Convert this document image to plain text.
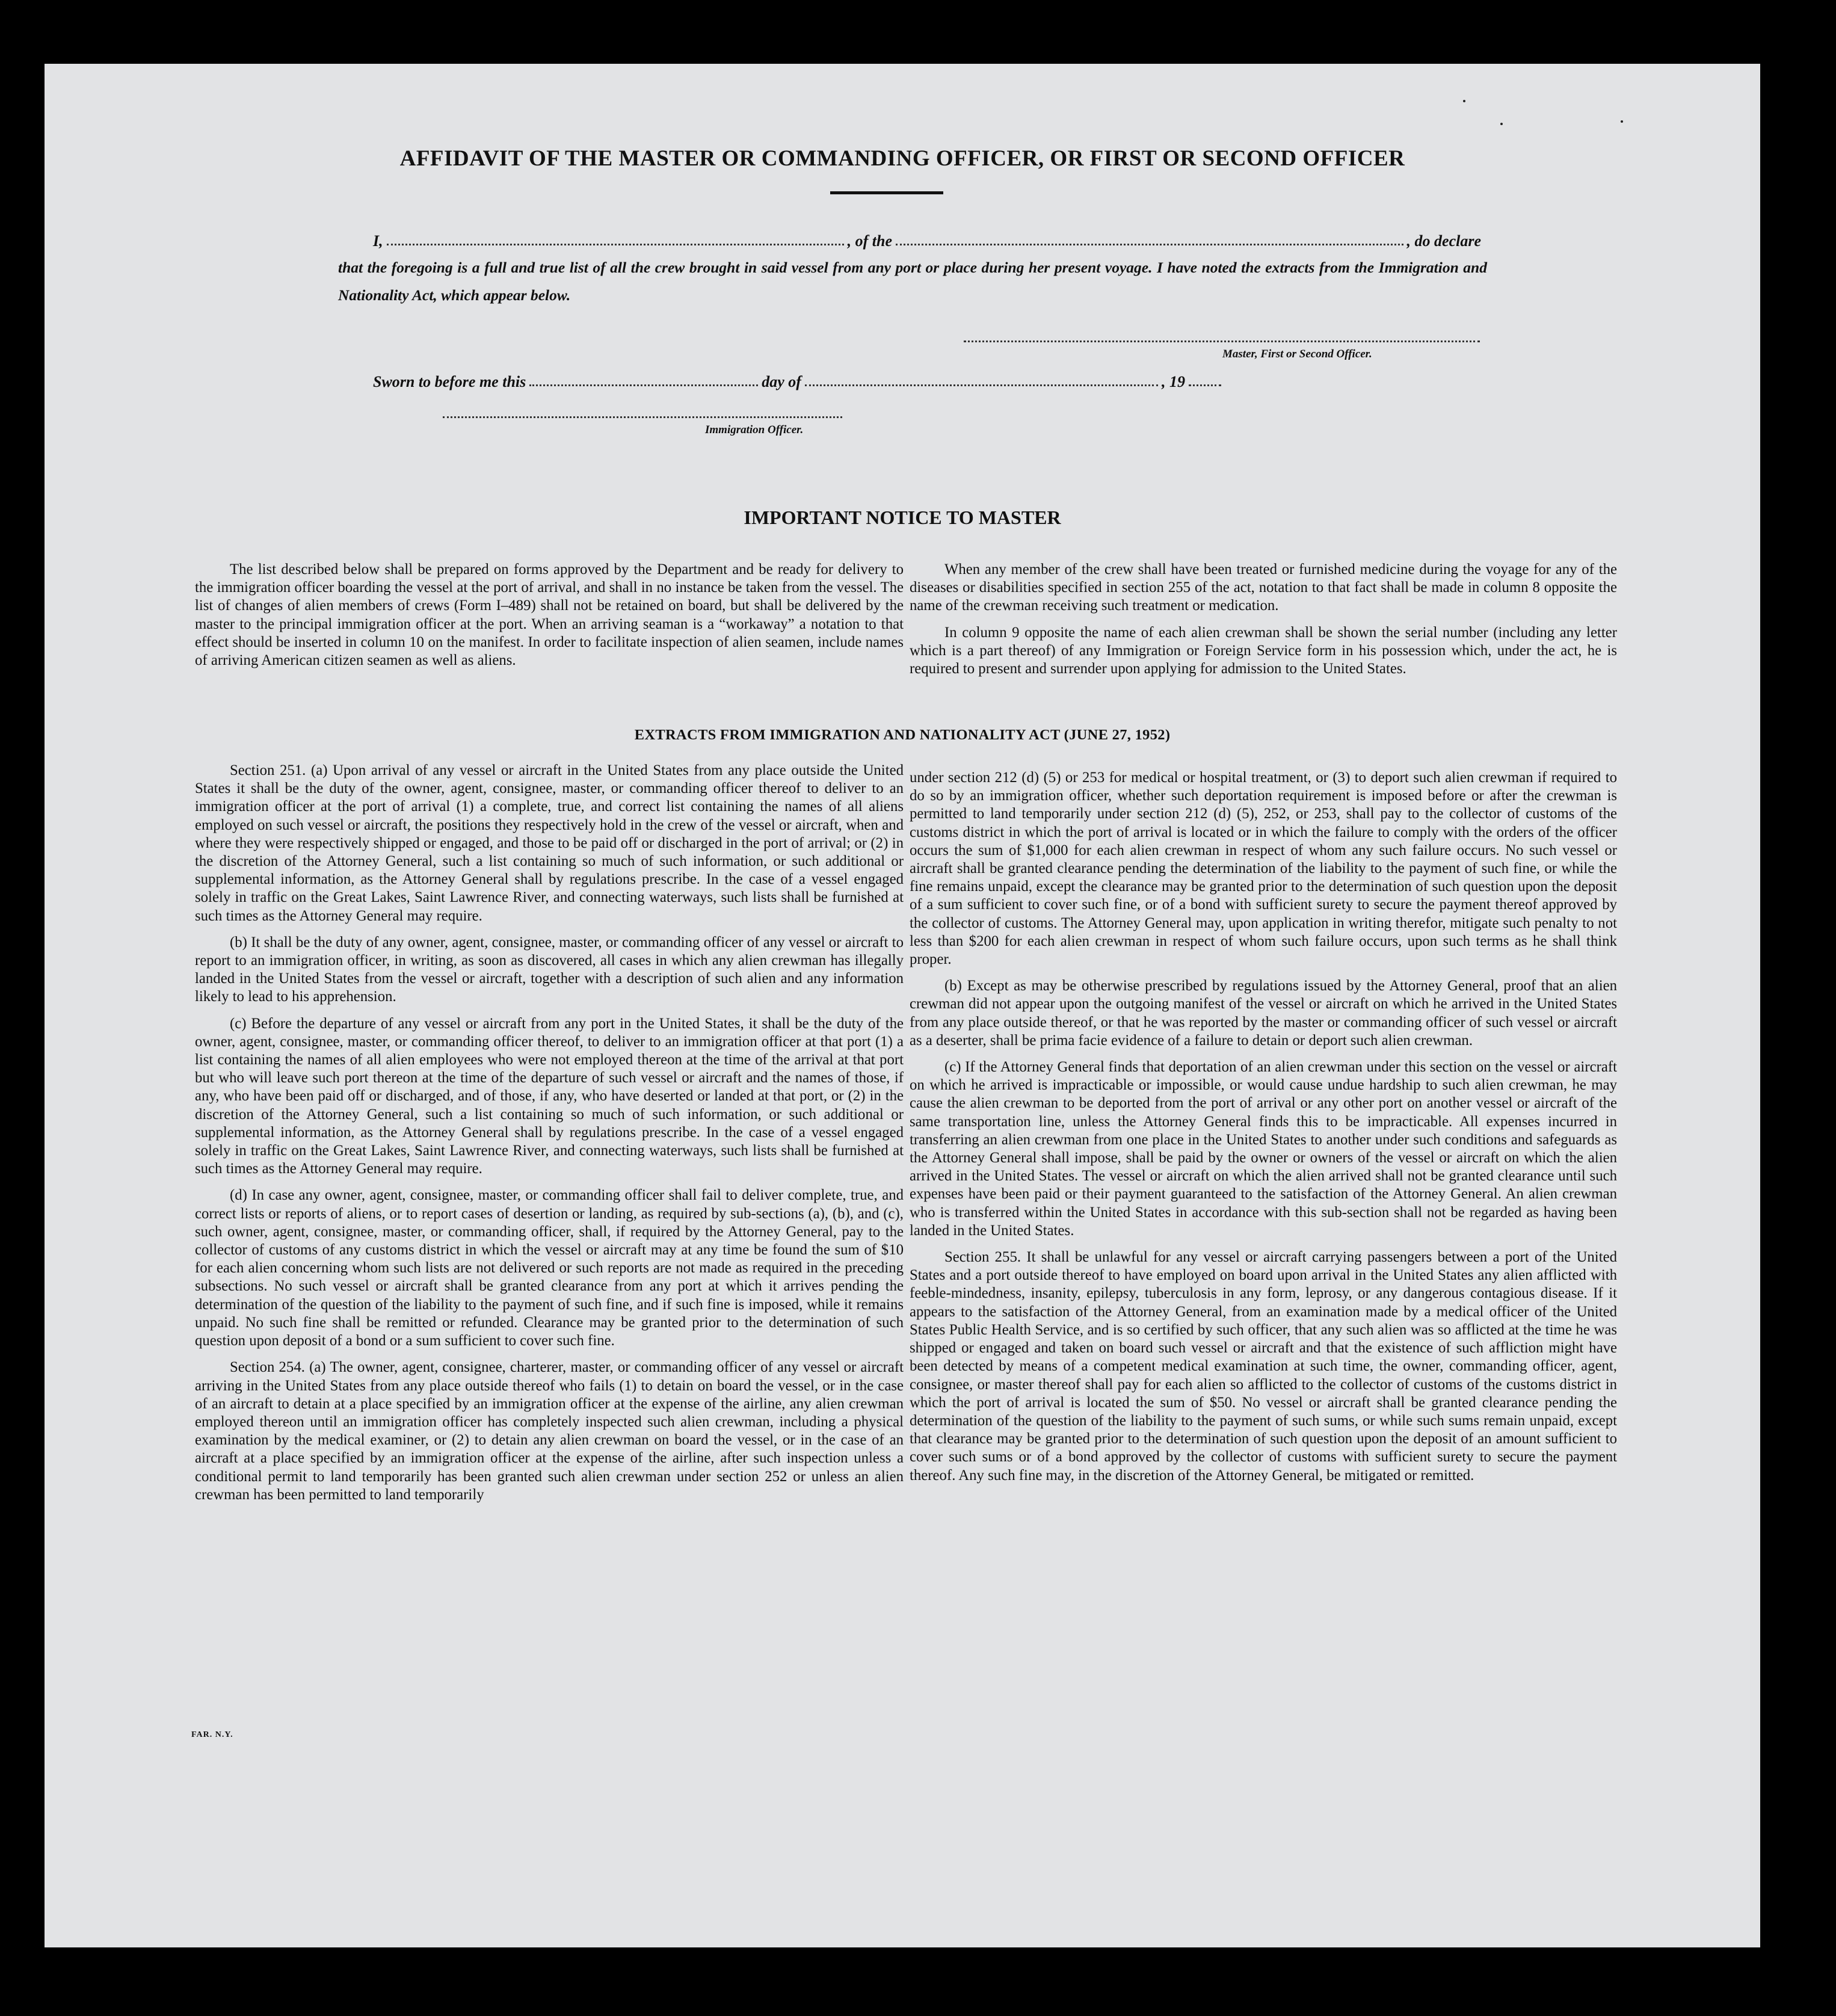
AFFIDAVIT OF THE MASTER OR COMMANDING OFFICER, OR FIRST OR SECOND OFFICER
I,	, of the	, do declare
that the foregoing is a full and true list of all the crew brought in said vessel from any port or place during her present voyage. I have noted the extracts from the Immigration and Nationality Act, which appear below.
Master, First or Second Officer.
Sworn to before me this	day of	, 19
Immigration Officer.
IMPORTANT NOTICE TO MASTER

The list described below shall be prepared on forms approved by the Department and be ready for delivery to the immigration officer boarding the vessel at the port of arrival, and shall in no instance be taken from the vessel. The list of changes of alien members of crews (Form I–489) shall not be retained on board, but shall be delivered by the master to the principal immigration officer at the port. When an arriving seaman is a “workaway” a notation to that effect should be inserted in column 10 on the manifest. In order to facilitate inspection of alien seamen, include names of arriving American citizen seamen as well as aliens.

When any member of the crew shall have been treated or furnished medicine during the voyage for any of the diseases or disabilities specified in section 255 of the act, notation to that fact shall be made in column 8 opposite the name of the crewman receiving such treatment or medication.

In column 9 opposite the name of each alien crewman shall be shown the serial number (including any letter which is a part thereof) of any Immigration or Foreign Service form in his possession which, under the act, he is required to present and surrender upon applying for admission to the United States.

EXTRACTS FROM IMMIGRATION AND NATIONALITY ACT (JUNE 27, 1952)

Section 251. (a) Upon arrival of any vessel or aircraft in the United States from any place outside the United States it shall be the duty of the owner, agent, consignee, master, or commanding officer thereof to deliver to an immigration officer at the port of arrival (1) a complete, true, and correct list containing the names of all aliens employed on such vessel or aircraft, the positions they respectively hold in the crew of the vessel or aircraft, when and where they were respectively shipped or engaged, and those to be paid off or discharged in the port of arrival; or (2) in the discretion of the Attorney General, such a list containing so much of such information, or such additional or supplemental information, as the Attorney General shall by regulations prescribe. In the case of a vessel engaged solely in traffic on the Great Lakes, Saint Lawrence River, and connecting waterways, such lists shall be furnished at such times as the Attorney General may require.

(b) It shall be the duty of any owner, agent, consignee, master, or commanding officer of any vessel or aircraft to report to an immigration officer, in writing, as soon as discovered, all cases in which any alien crewman has illegally landed in the United States from the vessel or aircraft, together with a description of such alien and any information likely to lead to his apprehension.

(c) Before the departure of any vessel or aircraft from any port in the United States, it shall be the duty of the owner, agent, consignee, master, or commanding officer thereof, to deliver to an immigration officer at that port (1) a list containing the names of all alien employees who were not employed thereon at the time of the arrival at that port but who will leave such port thereon at the time of the departure of such vessel or aircraft and the names of those, if any, who have been paid off or discharged, and of those, if any, who have deserted or landed at that port, or (2) in the discretion of the Attorney General, such a list containing so much of such information, or such additional or supplemental information, as the Attorney General shall by regulations prescribe. In the case of a vessel engaged solely in traffic on the Great Lakes, Saint Lawrence River, and connecting waterways, such lists shall be furnished at such times as the Attorney General may require.

(d) In case any owner, agent, consignee, master, or commanding officer shall fail to deliver complete, true, and correct lists or reports of aliens, or to report cases of desertion or landing, as required by sub-sections (a), (b), and (c), such owner, agent, consignee, master, or commanding officer, shall, if required by the Attorney General, pay to the collector of customs of any customs district in which the vessel or aircraft may at any time be found the sum of $10 for each alien concerning whom such lists are not delivered or such reports are not made as required in the preceding subsections. No such vessel or aircraft shall be granted clearance from any port at which it arrives pending the determination of the question of the liability to the payment of such fine, and if such fine is imposed, while it remains unpaid. No such fine shall be remitted or refunded. Clearance may be granted prior to the determination of such question upon deposit of a bond or a sum sufficient to cover such fine.

Section 254. (a) The owner, agent, consignee, charterer, master, or commanding officer of any vessel or aircraft arriving in the United States from any place outside thereof who fails (1) to detain on board the vessel, or in the case of an aircraft to detain at a place specified by an immigration officer at the expense of the airline, any alien crewman employed thereon until an immigration officer has completely inspected such alien crewman, including a physical examination by the medical examiner, or (2) to detain any alien crewman on board the vessel, or in the case of an aircraft at a place specified by an immigration officer at the expense of the airline, after such inspection unless a conditional permit to land temporarily has been granted such alien crewman under section 252 or unless an alien crewman has been permitted to land temporarily

under section 212 (d) (5) or 253 for medical or hospital treatment, or (3) to deport such alien crewman if required to do so by an immigration officer, whether such deportation requirement is imposed before or after the crewman is permitted to land temporarily under section 212 (d) (5), 252, or 253, shall pay to the collector of customs of the customs district in which the port of arrival is located or in which the failure to comply with the orders of the officer occurs the sum of $1,000 for each alien crewman in respect of whom any such failure occurs. No such vessel or aircraft shall be granted clearance pending the determination of the liability to the payment of such fine, or while the fine remains unpaid, except the clearance may be granted prior to the determination of such question upon the deposit of a sum sufficient to cover such fine, or of a bond with sufficient surety to secure the payment thereof approved by the collector of customs. The Attorney General may, upon application in writing therefor, mitigate such penalty to not less than $200 for each alien crewman in respect of whom such failure occurs, upon such terms as he shall think proper.

(b) Except as may be otherwise prescribed by regulations issued by the Attorney General, proof that an alien crewman did not appear upon the outgoing manifest of the vessel or aircraft on which he arrived in the United States from any place outside thereof, or that he was reported by the master or commanding officer of such vessel or aircraft as a deserter, shall be prima facie evidence of a failure to detain or deport such alien crewman.

(c) If the Attorney General finds that deportation of an alien crewman under this section on the vessel or aircraft on which he arrived is impracticable or impossible, or would cause undue hardship to such alien crewman, he may cause the alien crewman to be deported from the port of arrival or any other port on another vessel or aircraft of the same transportation line, unless the Attorney General finds this to be impracticable. All expenses incurred in transferring an alien crewman from one place in the United States to another under such conditions and safeguards as the Attorney General shall impose, shall be paid by the owner or owners of the vessel or aircraft on which the alien arrived in the United States. The vessel or aircraft on which the alien arrived shall not be granted clearance until such expenses have been paid or their payment guaranteed to the satisfaction of the Attorney General. An alien crewman who is transferred within the United States in accordance with this sub-section shall not be regarded as having been landed in the United States.

Section 255. It shall be unlawful for any vessel or aircraft carrying passengers between a port of the United States and a port outside thereof to have employed on board upon arrival in the United States any alien afflicted with feeble-mindedness, insanity, epilepsy, tuberculosis in any form, leprosy, or any dangerous contagious disease. If it appears to the satisfaction of the Attorney General, from an examination made by a medical officer of the United States Public Health Service, and is so certified by such officer, that any such alien was so afflicted at the time he was shipped or engaged and taken on board such vessel or aircraft and that the existence of such affliction might have been detected by means of a competent medical examination at such time, the owner, commanding officer, agent, consignee, or master thereof shall pay for each alien so afflicted to the collector of customs of the customs district in which the port of arrival is located the sum of $50. No vessel or aircraft shall be granted clearance pending the determination of the question of the liability to the payment of such sums, or while such sums remain unpaid, except that clearance may be granted prior to the determination of such question upon the deposit of an amount sufficient to cover such sums or of a bond approved by the collector of customs with sufficient surety to secure the payment thereof. Any such fine may, in the discretion of the Attorney General, be mitigated or remitted.

FAR. N.Y.
